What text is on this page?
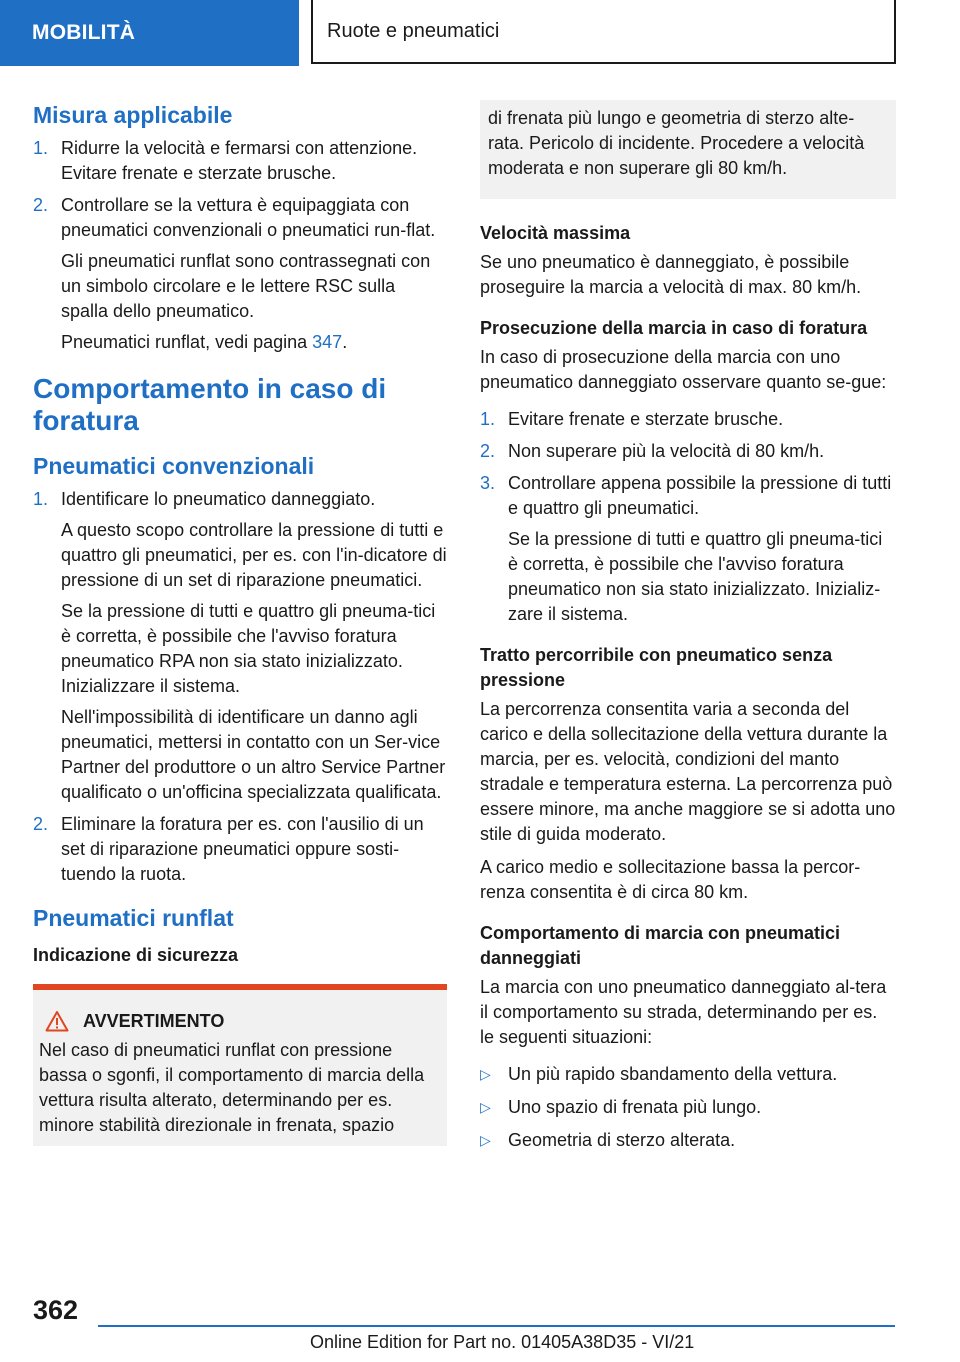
MOBILITÀ	Ruote e pneumatici
Misura applicabile
1. Ridurre la velocità e fermarsi con attenzione. Evitare frenate e sterzate brusche.
2. Controllare se la vettura è equipaggiata con pneumatici convenzionali o pneumatici run‐flat.

Gli pneumatici runflat sono contrassegnati con un simbolo circolare e le lettere RSC sulla spalla dello pneumatico.

Pneumatici runflat, vedi pagina 347.

Comportamento in caso di foratura
Pneumatici convenzionali
1. Identificare lo pneumatico danneggiato.

A questo scopo controllare la pressione di tutti e quattro gli pneumatici, per es. con l'in‐dicatore di pressione di un set di riparazione pneumatici.

Se la pressione di tutti e quattro gli pneuma‐tici è corretta, è possibile che l'avviso foratura pneumatico RPA non sia stato inizializzato. Inizializzare il sistema.

Nell'impossibilità di identificare un danno agli pneumatici, mettersi in contatto con un Ser‐vice Partner del produttore o un altro Service Partner qualificato o un'officina specializzata qualificata.

2. Eliminare la foratura per es. con l'ausilio di un set di riparazione pneumatici oppure sosti‐tuendo la ruota.
Pneumatici runflat
Indicazione di sicurezza
AVVERTIMENTO

Nel caso di pneumatici runflat con pressione bassa o sgonfi, il comportamento di marcia della vettura risulta alterato, determinando per es. minore stabilità direzionale in frenata, spazio

di frenata più lungo e geometria di sterzo alte‐rata. Pericolo di incidente. Procedere a velocità moderata e non superare gli 80 km/h.

Velocità massima

Se uno pneumatico è danneggiato, è possibile proseguire la marcia a velocità di max. 80 km/h.

Prosecuzione della marcia in caso di foratura

In caso di prosecuzione della marcia con uno pneumatico danneggiato osservare quanto se‐gue:

1. Evitare frenate e sterzate brusche.
2. Non superare più la velocità di 80 km/h.
3. Controllare appena possibile la pressione di tutti e quattro gli pneumatici.

Se la pressione di tutti e quattro gli pneuma‐tici è corretta, è possibile che l'avviso foratura pneumatico non sia stato inizializzato. Inizializ‐zare il sistema.

Tratto percorribile con pneumatico senza pressione

La percorrenza consentita varia a seconda del carico e della sollecitazione della vettura durante la marcia, per es. velocità, condizioni del manto stradale e temperatura esterna. La percorrenza può essere minore, ma anche maggiore se si adotta uno stile di guida moderato.

A carico medio e sollecitazione bassa la percor‐renza consentita è di circa 80 km.

Comportamento di marcia con pneumatici danneggiati

La marcia con uno pneumatico danneggiato al‐tera il comportamento su strada, determinando per es. le seguenti situazioni:

▷ Un più rapido sbandamento della vettura.
▷ Uno spazio di frenata più lungo.
▷ Geometria di sterzo alterata.
362
Online Edition for Part no. 01405A38D35 - VI/21
